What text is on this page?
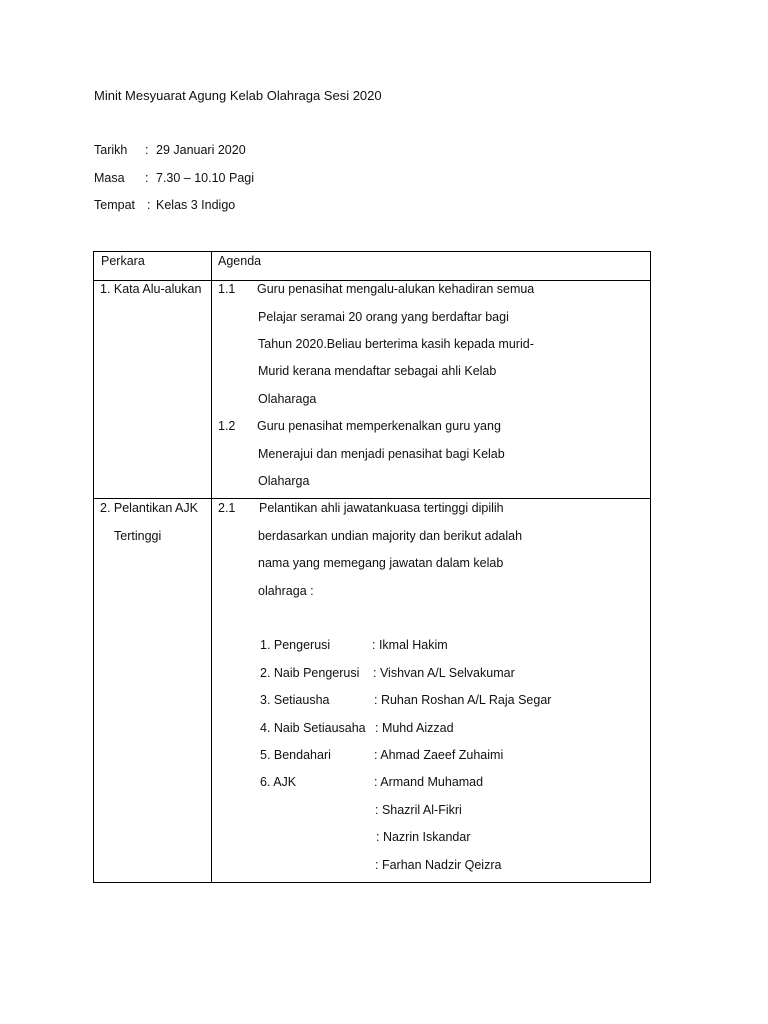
Minit Mesyuarat Agung Kelab Olahraga Sesi 2020
Tarikh : 29 Januari 2020
Masa : 7.30 – 10.10 Pagi
Tempat : Kelas 3 Indigo
Perkara	Agenda
1. Kata Alu-alukan 1.1 Guru penasihat mengalu-alukan kehadiran semua
Pelajar seramai 20 orang yang berdaftar bagi
Tahun 2020.Beliau berterima kasih kepada murid-
Murid kerana mendaftar sebagai ahli Kelab
Olaharaga
1.2 Guru penasihat memperkenalkan guru yang
Menerajui dan menjadi penasihat bagi Kelab
Olaharga
2. Pelantikan AJK
Tertinggi
2.1 Pelantikan ahli jawatankuasa tertinggi dipilih
berdasarkan undian majority dan berikut adalah
nama yang memegang jawatan dalam kelab
olahraga :
1. Pengerusi	: Ikmal Hakim
2. Naib Pengerusi : Vishvan A/L Selvakumar
3. Setiausha	: Ruhan Roshan A/L Raja Segar
4. Naib Setiausaha : Muhd Aizzad
5. Bendahari	: Ahmad Zaeef Zuhaimi
6. AJK	: Armand Muhamad
: Shazril Al-Fikri
: Nazrin Iskandar
: Farhan Nadzir Qeizra
